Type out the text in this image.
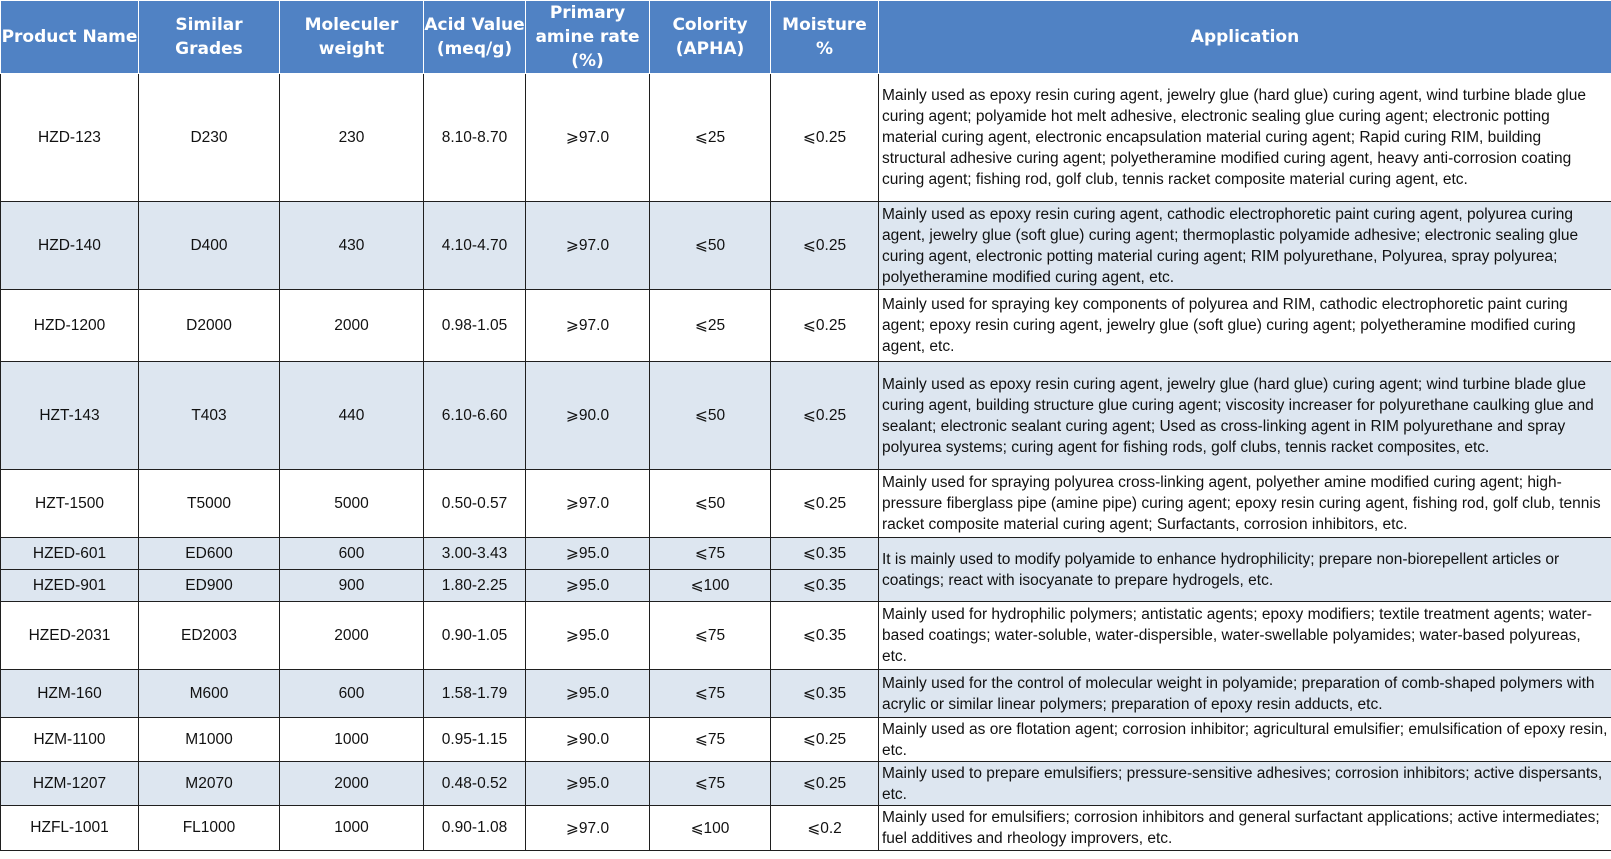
Product Name	Similar Grades	Moleculer weight	Acid Value (meq/g)	Primary amine rate (%)	Colority (APHA)	Moisture %	Application
HZD-123	D230	230	8.10-8.70	⩾97.0	⩽25	⩽0.25	Mainly used as epoxy resin curing agent, jewelry glue (hard glue) curing agent, wind turbine blade glue curing agent; polyamide hot melt adhesive, electronic sealing glue curing agent; electronic potting material curing agent, electronic encapsulation material curing agent; Rapid curing RIM, building structural adhesive curing agent; polyetheramine modified curing agent, heavy anti-corrosion coating curing agent; fishing rod, golf club, tennis racket composite material curing agent, etc.
HZD-140	D400	430	4.10-4.70	⩾97.0	⩽50	⩽0.25	Mainly used as epoxy resin curing agent, cathodic electrophoretic paint curing agent, polyurea curing agent, jewelry glue (soft glue) curing agent; thermoplastic polyamide adhesive; electronic sealing glue curing agent, electronic potting material curing agent; RIM polyurethane, Polyurea, spray polyurea; polyetheramine modified curing agent, etc.
HZD-1200	D2000	2000	0.98-1.05	⩾97.0	⩽25	⩽0.25	Mainly used for spraying key components of polyurea and RIM, cathodic electrophoretic paint curing agent; epoxy resin curing agent, jewelry glue (soft glue) curing agent; polyetheramine modified curing agent, etc.
HZT-143	T403	440	6.10-6.60	⩾90.0	⩽50	⩽0.25	Mainly used as epoxy resin curing agent, jewelry glue (hard glue) curing agent; wind turbine blade glue curing agent, building structure glue curing agent; viscosity increaser for polyurethane caulking glue and sealant; electronic sealant curing agent; Used as cross-linking agent in RIM polyurethane and spray polyurea systems; curing agent for fishing rods, golf clubs, tennis racket composites, etc.
HZT-1500	T5000	5000	0.50-0.57	⩾97.0	⩽50	⩽0.25	Mainly used for spraying polyurea cross-linking agent, polyether amine modified curing agent; high-pressure fiberglass pipe (amine pipe) curing agent; epoxy resin curing agent, fishing rod, golf club, tennis racket composite material curing agent; Surfactants, corrosion inhibitors, etc.
HZED-601	ED600	600	3.00-3.43	⩾95.0	⩽75	⩽0.35	It is mainly used to modify polyamide to enhance hydrophilicity; prepare non-biorepellent articles or coatings; react with isocyanate to prepare hydrogels, etc.
HZED-901	ED900	900	1.80-2.25	⩾95.0	⩽100	⩽0.35	
HZED-2031	ED2003	2000	0.90-1.05	⩾95.0	⩽75	⩽0.35	Mainly used for hydrophilic polymers; antistatic agents; epoxy modifiers; textile treatment agents; water-based coatings; water-soluble, water-dispersible, water-swellable polyamides; water-based polyureas, etc.
HZM-160	M600	600	1.58-1.79	⩾95.0	⩽75	⩽0.35	Mainly used for the control of molecular weight in polyamide; preparation of comb-shaped polymers with acrylic or similar linear polymers; preparation of epoxy resin adducts, etc.
HZM-1100	M1000	1000	0.95-1.15	⩾90.0	⩽75	⩽0.25	Mainly used as ore flotation agent; corrosion inhibitor; agricultural emulsifier; emulsification of epoxy resin, etc.
HZM-1207	M2070	2000	0.48-0.52	⩾95.0	⩽75	⩽0.25	Mainly used to prepare emulsifiers; pressure-sensitive adhesives; corrosion inhibitors; active dispersants, etc.
HZFL-1001	FL1000	1000	0.90-1.08	⩾97.0	⩽100	⩽0.2	Mainly used for emulsifiers; corrosion inhibitors and general surfactant applications; active intermediates; fuel additives and rheology improvers, etc.
